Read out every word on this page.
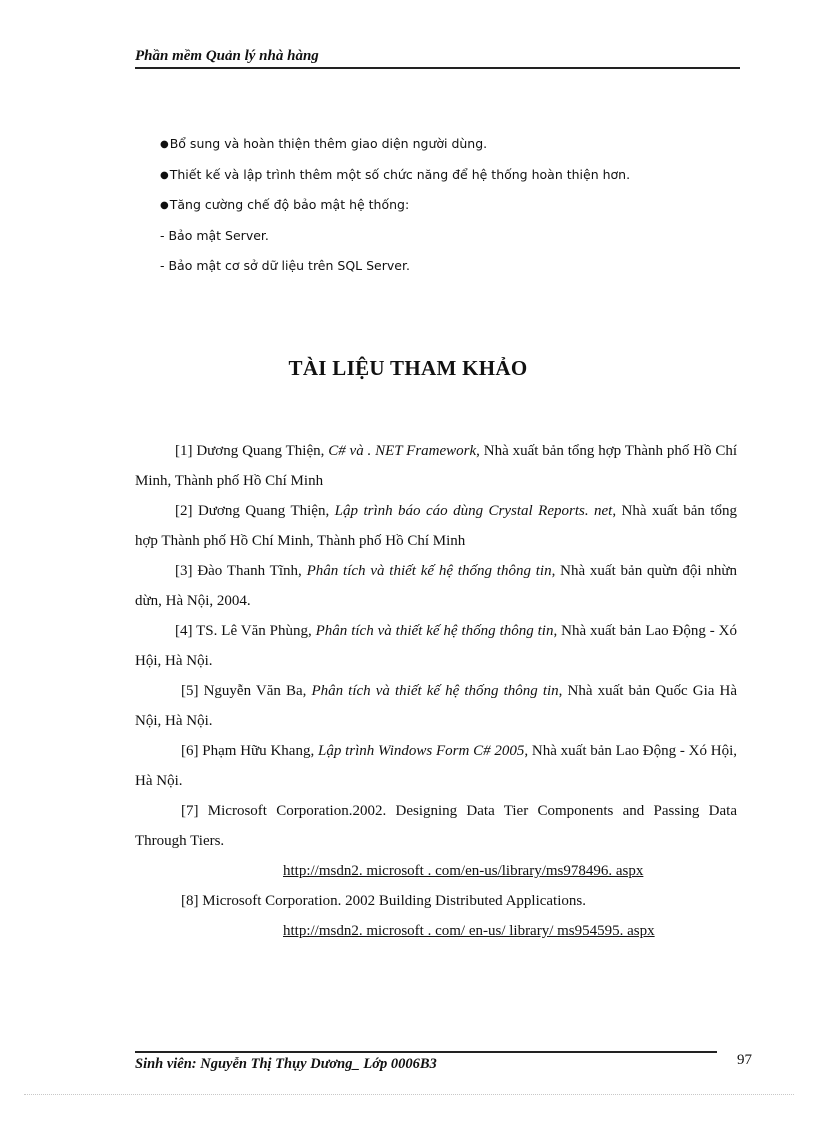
Phần mềm Quản lý nhà hàng
●Bổ sung và hoàn thiện thêm giao diện người dùng.
●Thiết kế và lập trình thêm một số chức năng để hệ thống hoàn thiện hơn.
●Tăng cường chế độ bảo mật hệ thống:
- Bảo mật Server.
- Bảo mật cơ sở dữ liệu trên SQL Server.
TÀI LIỆU THAM KHẢO

[1] Dương Quang Thiện, C# và . NET Framework, Nhà xuất bản tổng hợp Thành phố Hồ Chí Minh, Thành phố Hồ Chí Minh

[2] Dương Quang Thiện, Lập trình báo cáo dùng Crystal Reports. net, Nhà xuất bản tổng hợp Thành phố Hồ Chí Minh, Thành phố Hồ Chí Minh

[3] Đào Thanh Tĩnh, Phân tích và thiết kế hệ thống thông tin, Nhà xuất bản quừn đội nhừn dừn, Hà Nội, 2004.

[4] TS. Lê Văn Phùng, Phân tích và thiết kế hệ thống thông tin, Nhà xuất bản Lao Động - Xó Hội, Hà Nội.

[5] Nguyễn Văn Ba, Phân tích và thiết kế hệ thống thông tin, Nhà xuất bản Quốc Gia Hà Nội, Hà Nội.

[6] Phạm Hữu Khang, Lập trình Windows Form C# 2005, Nhà xuất bản Lao Động - Xó Hội, Hà Nội.

[7] Microsoft Corporation.2002. Designing Data Tier Components and Passing Data Through Tiers.

http://msdn2. microsoft . com/en-us/library/ms978496. aspx

[8] Microsoft Corporation. 2002 Building Distributed Applications.

http://msdn2. microsoft . com/ en-us/ library/ ms954595. aspx

Sinh viên: Nguyễn Thị Thụy Dương_ Lớp 0006B3	97
